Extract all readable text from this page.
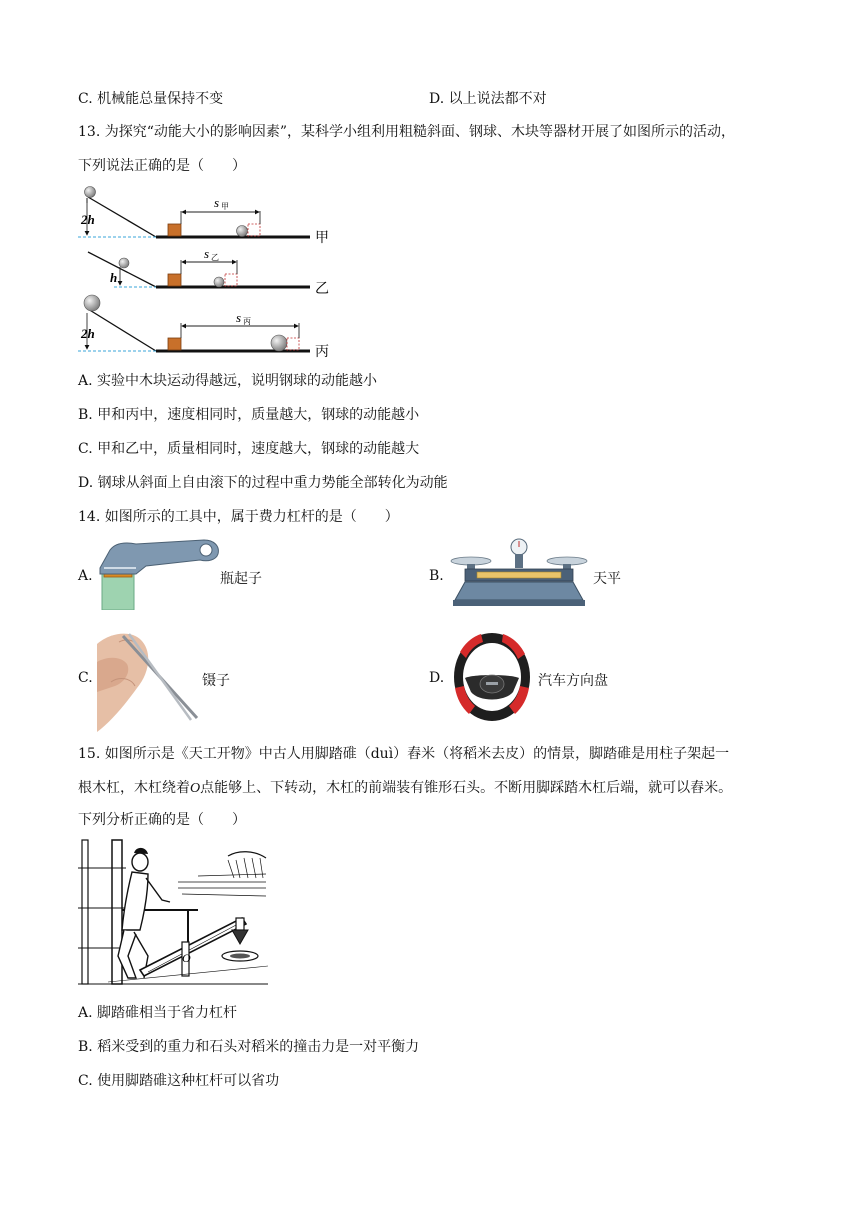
C. 机械能总量保持不变	D. 以上说法都不对
13. 为探究“动能大小的影响因素”，某科学小组利用粗糙斜面、钢球、木块等器材开展了如图所示的活动，
下列说法正确的是（　　）
2h
s 甲
甲
h
s 乙
乙
2h
s 丙
丙
A. 实验中木块运动得越远，说明钢球的动能越小
B. 甲和丙中，速度相同时，质量越大，钢球的动能越小
C. 甲和乙中，质量相同时，速度越大，钢球的动能越大
D. 钢球从斜面上自由滚下的过程中重力势能全部转化为动能
14. 如图所示的工具中，属于费力杠杆的是（　　）
A.	瓶起子	B.	天平
C.	镊子	D.	汽车方向盘
15. 如图所示是《天工开物》中古人用脚踏碓（duì）舂米（将稻米去皮）的情景，脚踏碓是用柱子架起一
根木杠，木杠绕着O点能够上、下转动，木杠的前端装有锥形石头。不断用脚踩踏木杠后端，就可以舂米。
下列分析正确的是（　　）
O
A. 脚踏碓相当于省力杠杆
B. 稻米受到的重力和石头对稻米的撞击力是一对平衡力
C. 使用脚踏碓这种杠杆可以省功
